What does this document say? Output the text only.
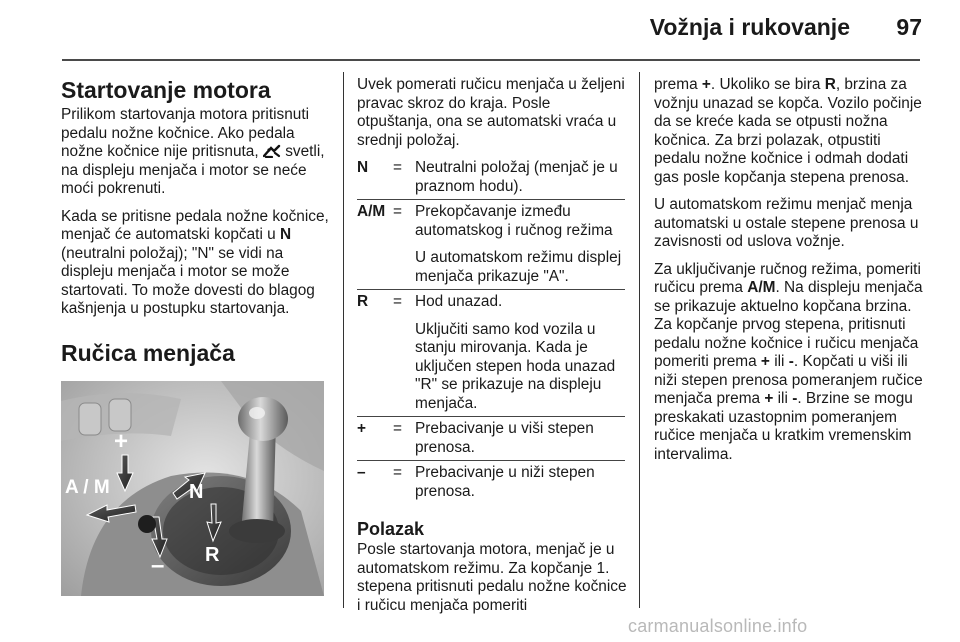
Vožnja i rukovanje	97
Startovanje motora

Prilikom startovanja motora pritisnuti pedalu nožne kočnice. Ako pedala nožne kočnice nije pritisnuta, svetli, na displeju menjača i motor se neće moći pokrenuti.

Kada se pritisne pedala nožne kočnice, menjač će automatski kopčati u N (neutralni položaj); "N" se vidi na displeju menjača i motor se može startovati. To može dovesti do blagog kašnjenja u postupku startovanja.

Ručica menjača
+
A / M	N
– R

Uvek pomerati ručicu menjača u željeni pravac skroz do kraja. Posle otpuštanja, ona se automatski vraća u srednji položaj.

N	= Neutralni položaj (menjač je u praznom hodu).
A/M = Prekopčavanje između automatskog i ručnog režima
U automatskom režimu displej menjača prikazuje "A".
R	= Hod unazad.
Uključiti samo kod vozila u stanju mirovanja. Kada je uključen stepen hoda unazad "R" se prikazuje na displeju menjača.
+	= Prebacivanje u viši stepen prenosa.
–	= Prebacivanje u niži stepen prenosa.
Polazak

Posle startovanja motora, menjač je u automatskom režimu. Za kopčanje 1. stepena pritisnuti pedalu nožne kočnice i ručicu menjača pomeriti

prema +. Ukoliko se bira R, brzina za vožnju unazad se kopča. Vozilo počinje da se kreće kada se otpusti nožna kočnica. Za brzi polazak, otpustiti pedalu nožne kočnice i odmah dodati gas posle kopčanja stepena prenosa.

U automatskom režimu menjač menja automatski u ostale stepene prenosa u zavisnosti od uslova vožnje.

Za uključivanje ručnog režima, pomeriti ručicu prema A/M. Na displeju menjača se prikazuje aktuelno kopčana brzina. Za kopčanje prvog stepena, pritisnuti pedalu nožne kočnice i ručicu menjača pomeriti prema + ili -. Kopčati u viši ili niži stepen prenosa pomeranjem ručice menjača prema + ili -. Brzine se mogu preskakati uzastopnim pomeranjem ručice menjača u kratkim vremenskim intervalima.

carmanualsonline.info
